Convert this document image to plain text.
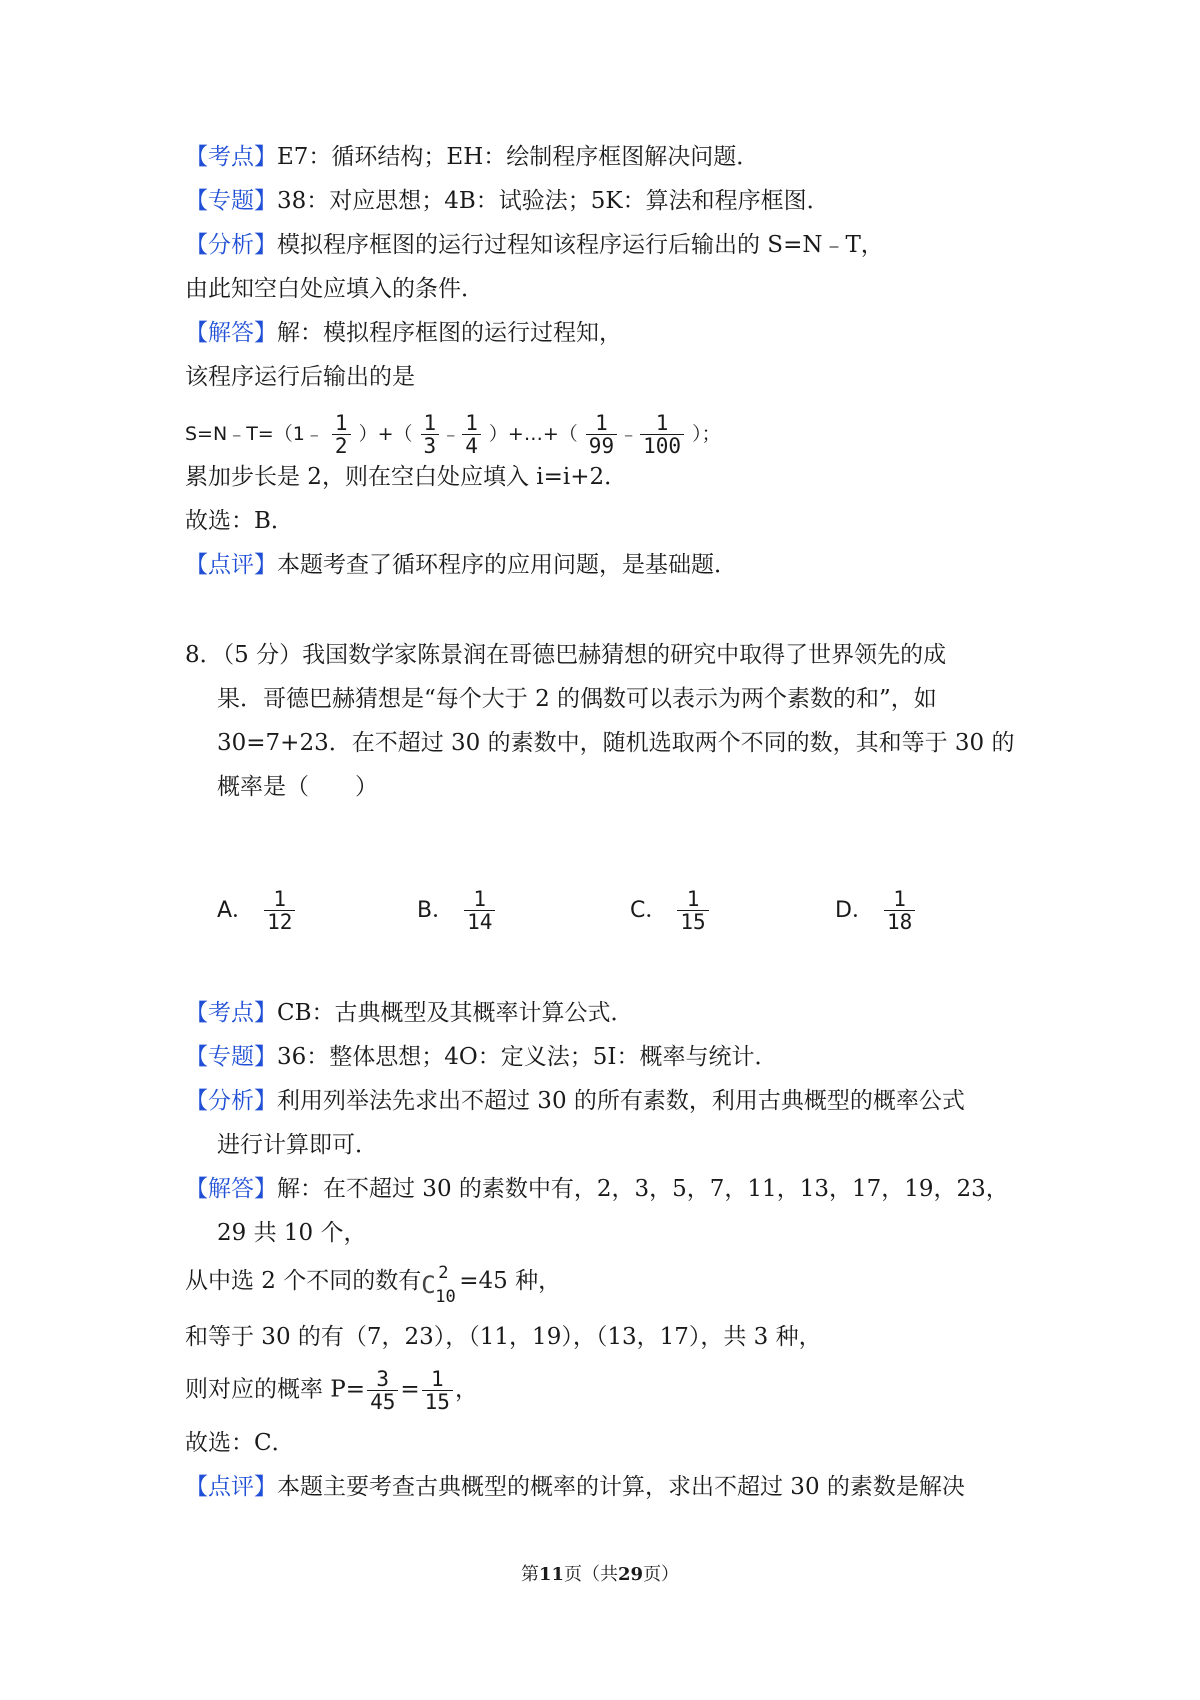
【考点】E7：循环结构；EH：绘制程序框图解决问题．
【专题】38：对应思想；4B：试验法；5K：算法和程序框图．
【分析】模拟程序框图的运行过程知该程序运行后输出的 S=N﹣T，
由此知空白处应填入的条件．
【解答】解：模拟程序框图的运行过程知，
该程序运行后输出的是
S=N﹣T=（1﹣ $\frac{1}{2}$ ）+（ $\frac{1}{3}$ ﹣ $\frac{1}{4}$ ）+…+（ $\frac{1}{99}$ ﹣ $\frac{1}{100}$ ）；
累加步长是 2，则在空白处应填入 i=i+2．
故选：B．
【点评】本题考查了循环程序的应用问题，是基础题．
8．（5 分）我国数学家陈景润在哥德巴赫猜想的研究中取得了世界领先的成
果．哥德巴赫猜想是“每个大于 2 的偶数可以表示为两个素数的和”，如
30=7+23．在不超过 30 的素数中，随机选取两个不同的数，其和等于 30 的
概率是（　　）
A． $\frac{1}{12}$	B． $\frac{1}{14}$	C． $\frac{1}{15}$	D． $\frac{1}{18}$
【考点】CB：古典概型及其概率计算公式．
【专题】36：整体思想；4O：定义法；5I：概率与统计．
【分析】利用列举法先求出不超过 30 的所有素数，利用古典概型的概率公式
进行计算即可．
【解答】解：在不超过 30 的素数中有，2，3，5，7，11，13，17，19，23，
29 共 10 个，
从中选 2 个不同的数有 C 2
10
=45 种，
和等于 30 的有（7，23），（11，19），（13，17），共 3 种，
则对应的概率 $P= \frac{3}{45} = \frac{1}{15}$ ，
故选：C．
【点评】本题主要考查古典概型的概率的计算，求出不超过 30 的素数是解决
第11页（共29页）
